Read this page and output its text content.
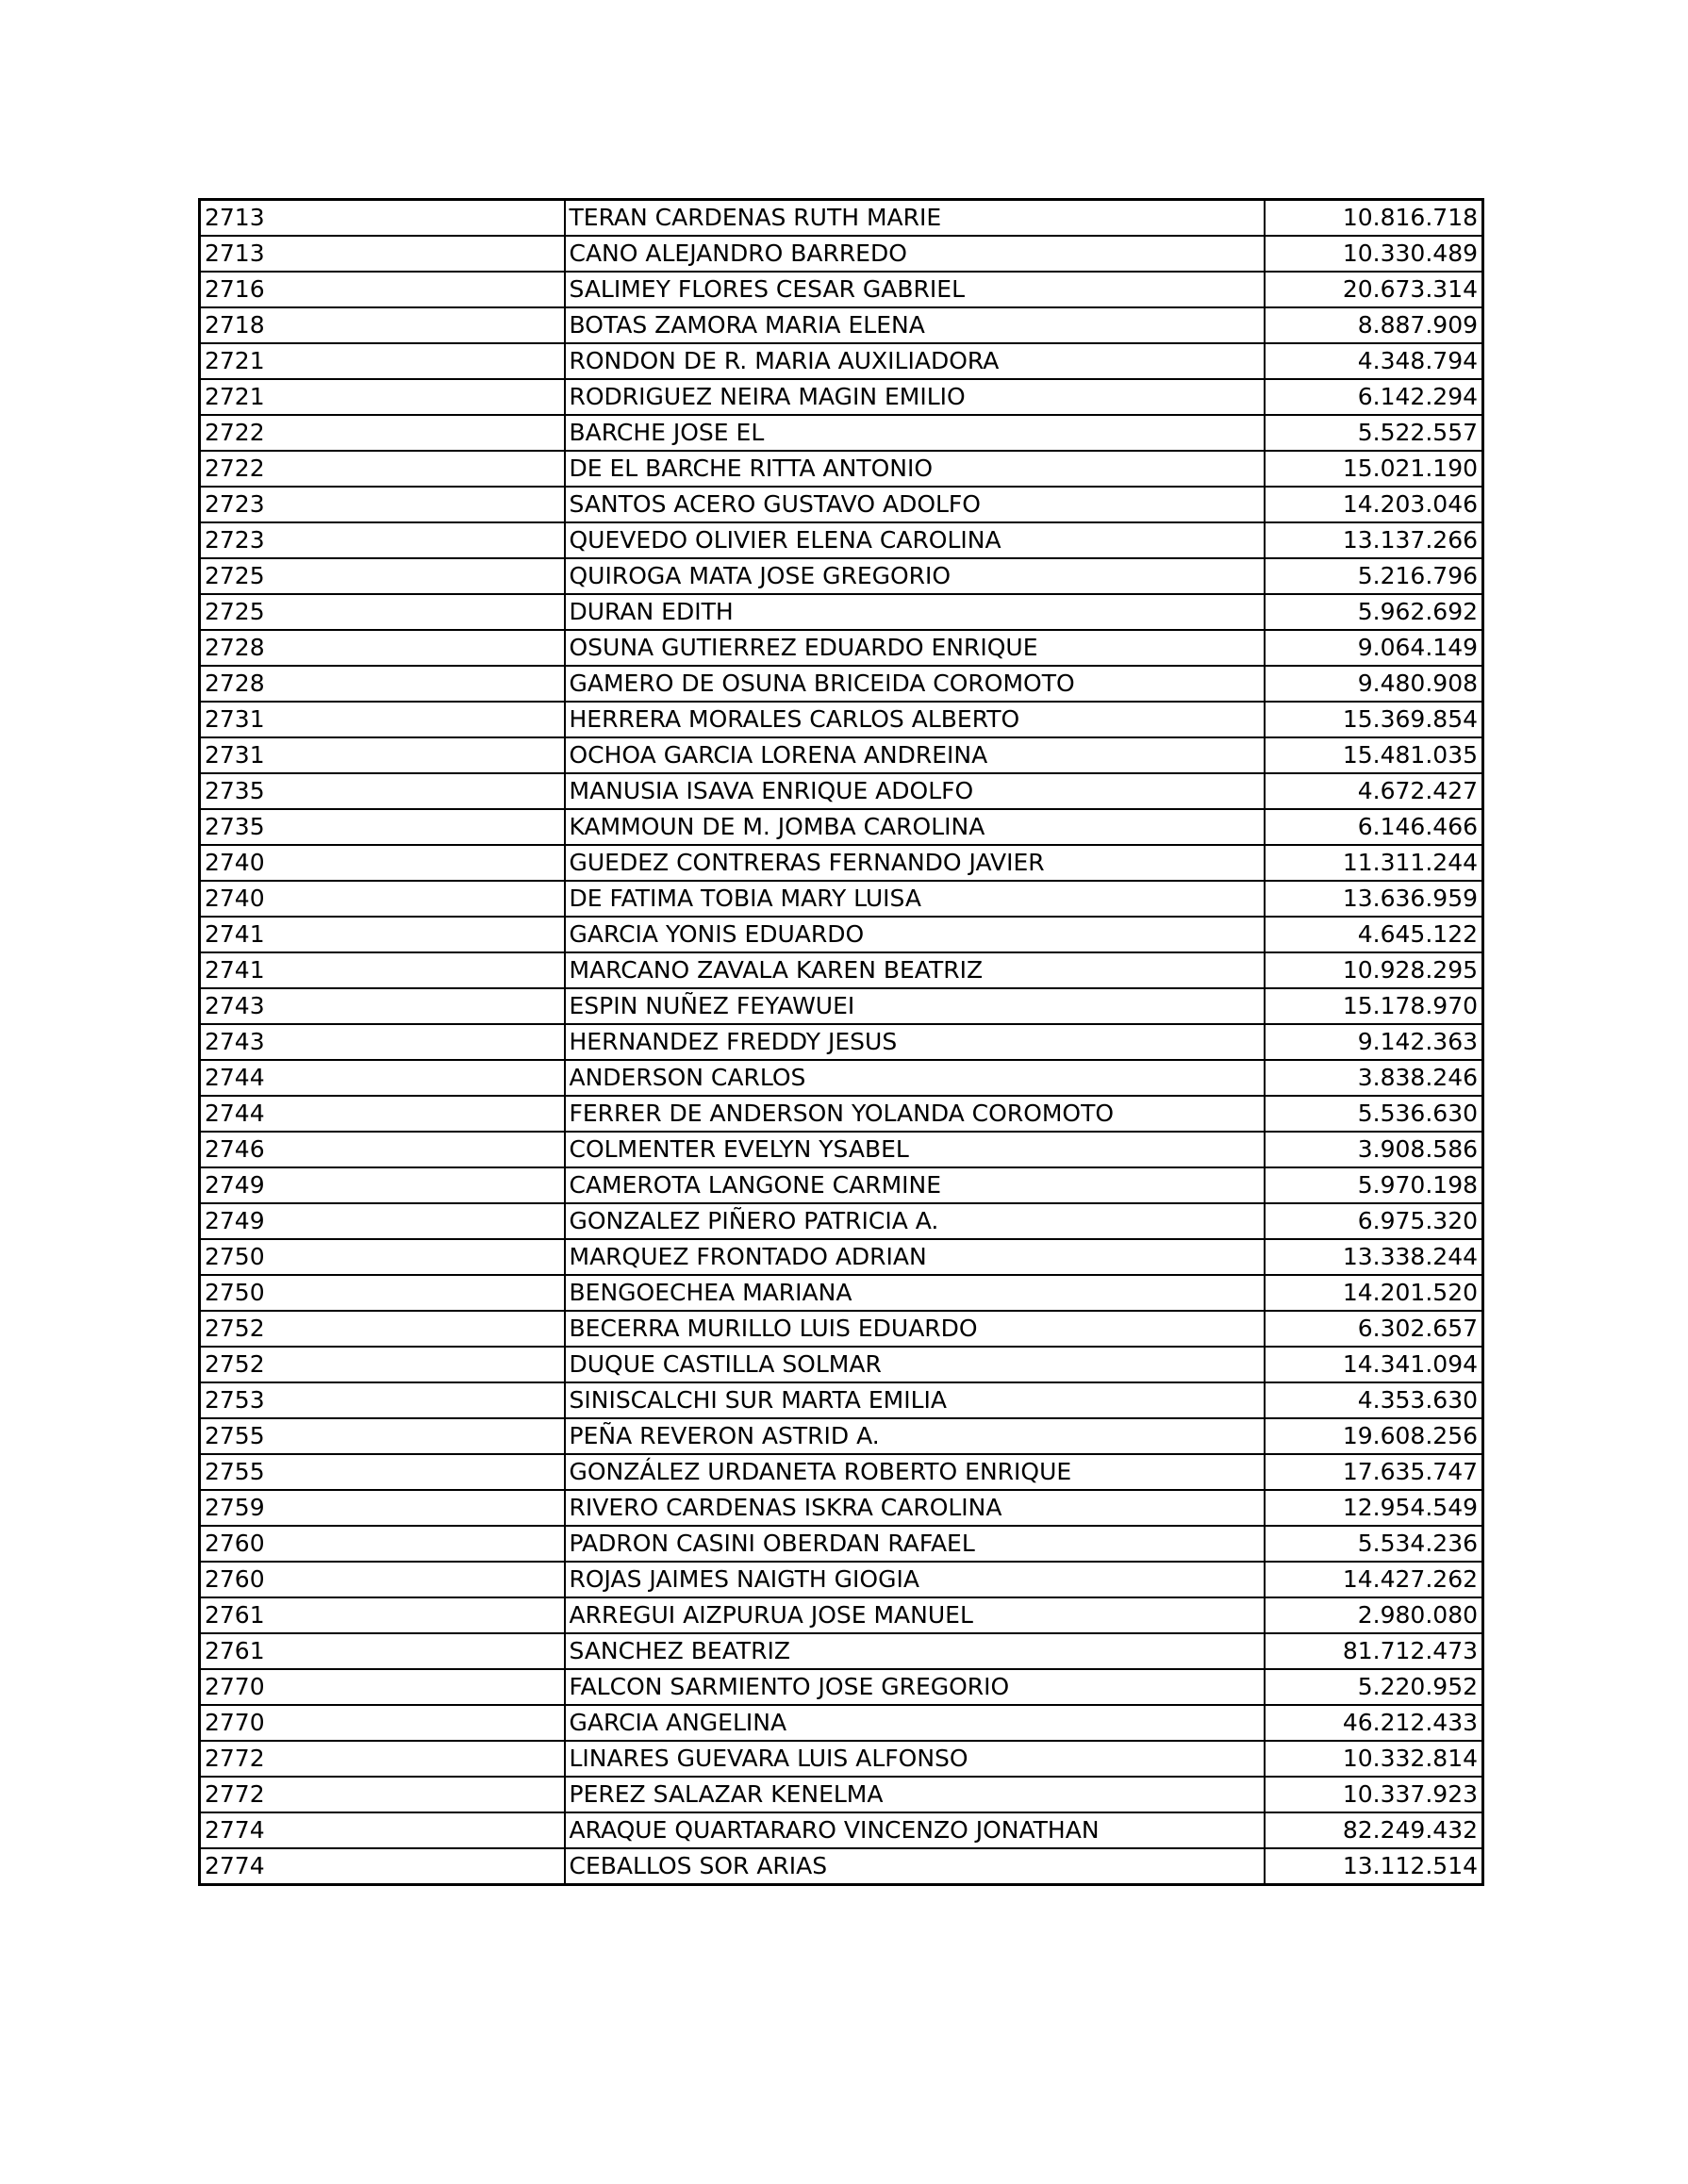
2713	TERAN CARDENAS RUTH MARIE	10.816.718
2713	CANO ALEJANDRO BARREDO	10.330.489
2716	SALIMEY FLORES CESAR GABRIEL	20.673.314
2718	BOTAS ZAMORA MARIA ELENA	8.887.909
2721	RONDON DE R. MARIA AUXILIADORA	4.348.794
2721	RODRIGUEZ NEIRA MAGIN EMILIO	6.142.294
2722	BARCHE JOSE EL	5.522.557
2722	DE EL BARCHE RITTA ANTONIO	15.021.190
2723	SANTOS ACERO GUSTAVO ADOLFO	14.203.046
2723	QUEVEDO OLIVIER ELENA CAROLINA	13.137.266
2725	QUIROGA MATA JOSE GREGORIO	5.216.796
2725	DURAN EDITH	5.962.692
2728	OSUNA GUTIERREZ EDUARDO ENRIQUE	9.064.149
2728	GAMERO DE OSUNA BRICEIDA COROMOTO	9.480.908
2731	HERRERA MORALES CARLOS ALBERTO	15.369.854
2731	OCHOA GARCIA LORENA ANDREINA	15.481.035
2735	MANUSIA ISAVA ENRIQUE ADOLFO	4.672.427
2735	KAMMOUN DE M. JOMBA CAROLINA	6.146.466
2740	GUEDEZ CONTRERAS FERNANDO JAVIER	11.311.244
2740	DE FATIMA TOBIA MARY LUISA	13.636.959
2741	GARCIA YONIS EDUARDO	4.645.122
2741	MARCANO ZAVALA KAREN BEATRIZ	10.928.295
2743	ESPIN NUÑEZ FEYAWUEI	15.178.970
2743	HERNANDEZ FREDDY JESUS	9.142.363
2744	ANDERSON CARLOS	3.838.246
2744	FERRER DE ANDERSON YOLANDA COROMOTO	5.536.630
2746	COLMENTER EVELYN YSABEL	3.908.586
2749	CAMEROTA LANGONE CARMINE	5.970.198
2749	GONZALEZ PIÑERO PATRICIA A.	6.975.320
2750	MARQUEZ FRONTADO ADRIAN	13.338.244
2750	BENGOECHEA MARIANA	14.201.520
2752	BECERRA MURILLO LUIS EDUARDO	6.302.657
2752	DUQUE CASTILLA SOLMAR	14.341.094
2753	SINISCALCHI SUR MARTA EMILIA	4.353.630
2755	PEÑA REVERON ASTRID A.	19.608.256
2755	GONZÁLEZ URDANETA ROBERTO ENRIQUE	17.635.747
2759	RIVERO CARDENAS ISKRA CAROLINA	12.954.549
2760	PADRON CASINI OBERDAN RAFAEL	5.534.236
2760	ROJAS JAIMES NAIGTH GIOGIA	14.427.262
2761	ARREGUI AIZPURUA JOSE MANUEL	2.980.080
2761	SANCHEZ BEATRIZ	81.712.473
2770	FALCON SARMIENTO JOSE GREGORIO	5.220.952
2770	GARCIA ANGELINA	46.212.433
2772	LINARES GUEVARA LUIS ALFONSO	10.332.814
2772	PEREZ SALAZAR KENELMA	10.337.923
2774	ARAQUE QUARTARARO VINCENZO JONATHAN	82.249.432
2774	CEBALLOS SOR ARIAS	13.112.514
